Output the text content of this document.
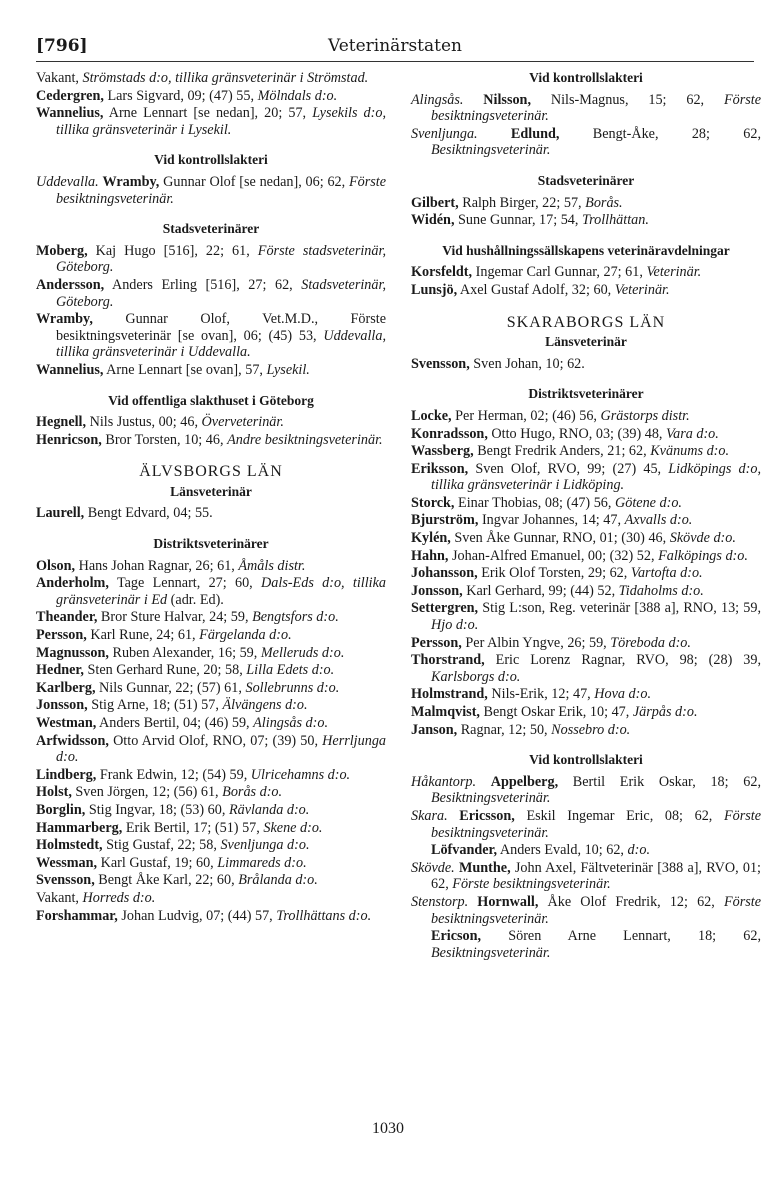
Veterinärstaten
[796]
Vakant, Strömstads d:o, tillika gränsveterinär i Strömstad.
Cedergren, Lars Sigvard, 09; (47) 55, Mölndals d:o.
Wannelius, Arne Lennart [se nedan], 20; 57, Lysekils d:o, tillika gränsveterinär i Lysekil.
Vid kontrollslakteri
Uddevalla. Wramby, Gunnar Olof [se nedan], 06; 62, Förste besiktningsveterinär.
Stadsveterinärer
Moberg, Kaj Hugo [516], 22; 61, Förste stadsveterinär, Göteborg.
Andersson, Anders Erling [516], 27; 62, Stadsveterinär, Göteborg.
Wramby, Gunnar Olof, Vet.M.D., Förste besiktningsveterinär [se ovan], 06; (45) 53, Uddevalla, tillika gränsveterinär i Uddevalla.
Wannelius, Arne Lennart [se ovan], 57, Lysekil.
Vid offentliga slakthuset i Göteborg
Hegnell, Nils Justus, 00; 46, Överveterinär.
Henricson, Bror Torsten, 10; 46, Andre besiktningsveterinär.
ÄLVSBORGS LÄN
Länsveterinär
Laurell, Bengt Edvard, 04; 55.
Distriktsveterinärer
Olson, Hans Johan Ragnar, 26; 61, Åmåls distr.
Anderholm, Tage Lennart, 27; 60, Dals-Eds d:o, tillika gränsveterinär i Ed (adr. Ed).
Theander, Bror Sture Halvar, 24; 59, Bengtsfors d:o.
Persson, Karl Rune, 24; 61, Färgelanda d:o.
Magnusson, Ruben Alexander, 16; 59, Melleruds d:o.
Hedner, Sten Gerhard Rune, 20; 58, Lilla Edets d:o.
Karlberg, Nils Gunnar, 22; (57) 61, Sollebrunns d:o.
Jonsson, Stig Arne, 18; (51) 57, Älvängens d:o.
Westman, Anders Bertil, 04; (46) 59, Alingsås d:o.
Arfwidsson, Otto Arvid Olof, RNO, 07; (39) 50, Herrljunga d:o.
Lindberg, Frank Edwin, 12; (54) 59, Ulricehamns d:o.
Holst, Sven Jörgen, 12; (56) 61, Borås d:o.
Borglin, Stig Ingvar, 18; (53) 60, Rävlanda d:o.
Hammarberg, Erik Bertil, 17; (51) 57, Skene d:o.
Holmstedt, Stig Gustaf, 22; 58, Svenljunga d:o.
Wessman, Karl Gustaf, 19; 60, Limmareds d:o.
Svensson, Bengt Åke Karl, 22; 60, Brålanda d:o.
Vakant, Horreds d:o.
Forshammar, Johan Ludvig, 07; (44) 57, Trollhättans d:o.
Vid kontrollslakteri
Alingsås. Nilsson, Nils-Magnus, 15; 62, Förste besiktningsveterinär.
Svenljunga. Edlund, Bengt-Åke, 28; 62, Besiktningsveterinär.
Stadsveterinärer
Gilbert, Ralph Birger, 22; 57, Borås.
Widén, Sune Gunnar, 17; 54, Trollhättan.
Vid hushållningssällskapens veterinäravdelningar
Korsfeldt, Ingemar Carl Gunnar, 27; 61, Veterinär.
Lunsjö, Axel Gustaf Adolf, 32; 60, Veterinär.
SKARABORGS LÄN
Länsveterinär
Svensson, Sven Johan, 10; 62.
Distriktsveterinärer
Locke, Per Herman, 02; (46) 56, Grästorps distr.
Konradsson, Otto Hugo, RNO, 03; (39) 48, Vara d:o.
Wassberg, Bengt Fredrik Anders, 21; 62, Kvänums d:o.
Eriksson, Sven Olof, RVO, 99; (27) 45, Lidköpings d:o, tillika gränsveterinär i Lidköping.
Storck, Einar Thobias, 08; (47) 56, Götene d:o.
Bjurström, Ingvar Johannes, 14; 47, Axvalls d:o.
Kylén, Sven Åke Gunnar, RNO, 01; (30) 46, Skövde d:o.
Hahn, Johan-Alfred Emanuel, 00; (32) 52, Falköpings d:o.
Johansson, Erik Olof Torsten, 29; 62, Vartofta d:o.
Jonsson, Karl Gerhard, 99; (44) 52, Tidaholms d:o.
Settergren, Stig L:son, Reg. veterinär [388 a], RNO, 13; 59, Hjo d:o.
Persson, Per Albin Yngve, 26; 59, Töreboda d:o.
Thorstrand, Eric Lorenz Ragnar, RVO, 98; (28) 39, Karlsborgs d:o.
Holmstrand, Nils-Erik, 12; 47, Hova d:o.
Malmqvist, Bengt Oskar Erik, 10; 47, Järpås d:o.
Janson, Ragnar, 12; 50, Nossebro d:o.
Vid kontrollslakteri
Håkantorp. Appelberg, Bertil Erik Oskar, 18; 62, Besiktningsveterinär.
Skara. Ericsson, Eskil Ingemar Eric, 08; 62, Förste besiktningsveterinär.
Löfvander, Anders Evald, 10; 62, d:o.
Skövde. Munthe, John Axel, Fältveterinär [388 a], RVO, 01; 62, Förste besiktningsveterinär.
Stenstorp. Hornwall, Åke Olof Fredrik, 12; 62, Förste besiktningsveterinär.
Ericson, Sören Arne Lennart, 18; 62, Besiktningsveterinär.
1030
